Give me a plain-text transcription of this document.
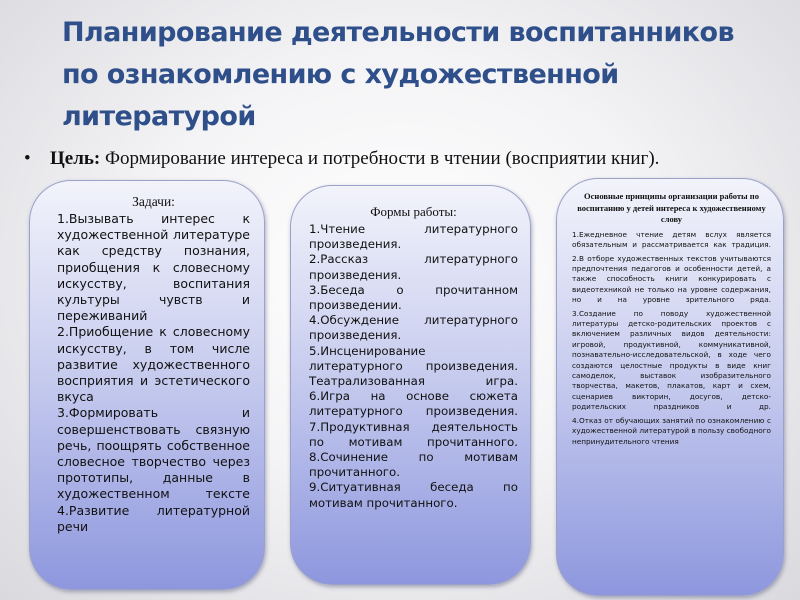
Планирование деятельности воспитанников по ознакомлению с художественной литературой
• Цель: Формирование интереса и потребности в чтении (восприятии книг).
Задачи:
1.Вызывать интерес к художественной литературе как средству познания, приобщения к словесному искусству, воспитания культуры чувств и переживаний
2.Приобщение к словесному искусству, в том числе развитие художественного восприятия и эстетического вкуса
3.Формировать и совершенствовать связную речь, поощрять собственное словесное творчество через прототипы, данные в художественном тексте
4.Развитие литературной речи
Формы работы:
1.Чтение литературного произведения.
2.Рассказ литературного произведения.
3.Беседа о прочитанном произведении.
4.Обсуждение литературного произведения.
5.Инсценирование литературного произведения. Театрализованная игра.
6.Игра на основе сюжета литературного произведения.
7.Продуктивная деятельность по мотивам прочитанного.
8.Сочинение по мотивам прочитанного.
9.Ситуативная беседа по мотивам прочитанного.
Основные принципы организации работы по воспитанию у детей интереса к художественному слову
1.Ежедневное чтение детям вслух является обязательным и рассматривается как традиция.
2.В отборе художественных текстов учитываются предпочтения педагогов и особенности детей, а также способность книги конкурировать с видеотехникой не только на уровне содержания, но и на уровне зрительного ряда.
3.Создание по поводу художественной литературы детско-родительских проектов с включением различных видов деятельности: игровой, продуктивной, коммуникативной, познавательно-исследовательской, в ходе чего создаются целостные продукты в виде книг самоделок, выставок изобразительного творчества, макетов, плакатов, карт и схем, сценариев викторин, досугов, детско-родительских праздников и др.
4.Отказ от обучающих занятий по ознакомлению с художественной литературой в пользу свободного непринудительного чтения
